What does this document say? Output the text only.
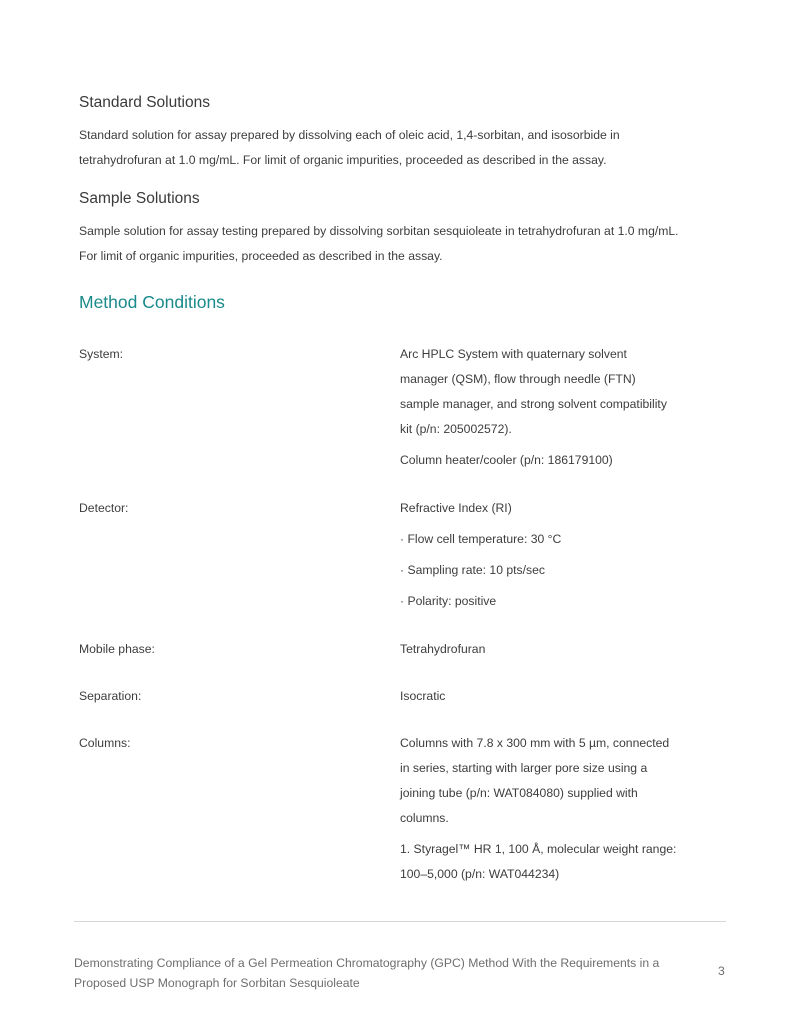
Standard Solutions

Standard solution for assay prepared by dissolving each of oleic acid, 1,4-sorbitan, and isosorbide in
tetrahydrofuran at 1.0 mg/mL. For limit of organic impurities, proceeded as described in the assay.

Sample Solutions

Sample solution for assay testing prepared by dissolving sorbitan sesquioleate in tetrahydrofuran at 1.0 mg/mL.
For limit of organic impurities, proceeded as described in the assay.

Method Conditions
System:	Arc HPLC System with quaternary solvent
manager (QSM), flow through needle (FTN)
sample manager, and strong solvent compatibility
kit (p/n: 205002572).
Column heater/cooler (p/n: 186179100)
Detector:	Refractive Index (RI)
· Flow cell temperature: 30 °C
· Sampling rate: 10 pts/sec
· Polarity: positive
Mobile phase:	Tetrahydrofuran
Separation:	Isocratic
Columns:	Columns with 7.8 x 300 mm with 5 µm, connected
in series, starting with larger pore size using a
joining tube (p/n: WAT084080) supplied with
columns.
1. Styragel™ HR 1, 100 Å, molecular weight range:
100–5,000 (p/n: WAT044234)
Demonstrating Compliance of a Gel Permeation Chromatography (GPC) Method With the Requirements in a
Proposed USP Monograph for Sorbitan Sesquioleate
3
